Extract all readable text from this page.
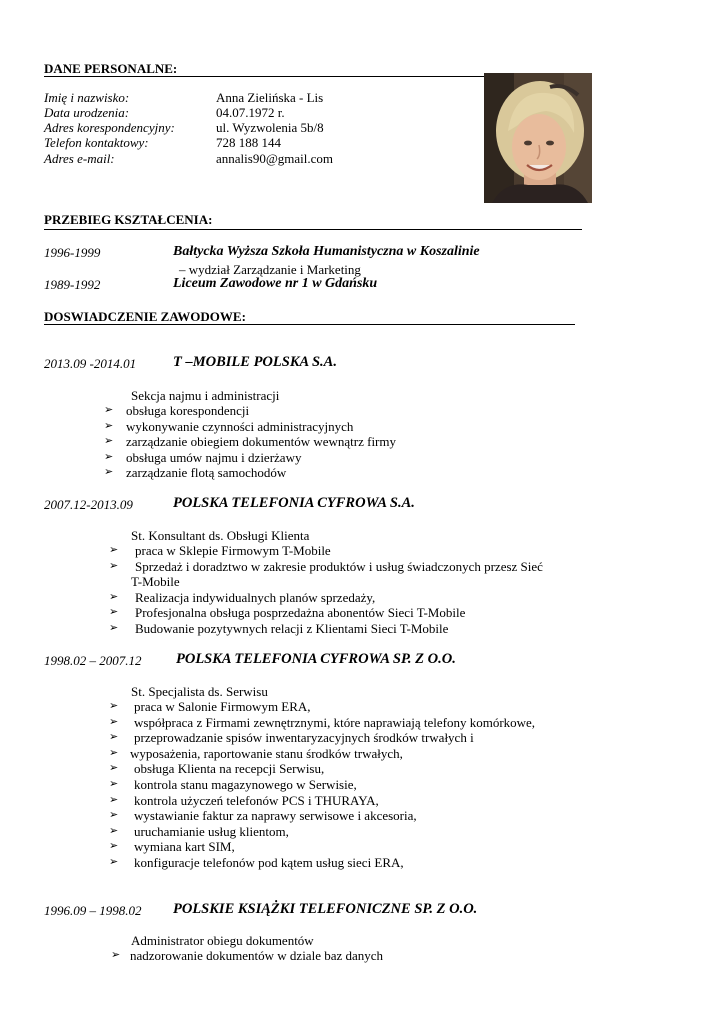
DANE PERSONALNE:
Imię i nazwisko:	Anna Zielińska - Lis
Data urodzenia:	04.07.1972 r.
Adres korespondencyjny:	ul. Wyzwolenia 5b/8
Telefon kontaktowy:	728 188 144
Adres e-mail:	annalis90@gmail.com
PRZEBIEG KSZTAŁCENIA:
1996-1999	Bałtycka Wyższa Szkoła Humanistyczna w Koszalinie
– wydział Zarządzanie i Marketing
1989-1992	Liceum Zawodowe nr 1 w Gdańsku
DOSWIADCZENIE ZAWODOWE:
2013.09 -2014.01	T –MOBILE POLSKA S.A.
Sekcja najmu i administracji
➢ obsługa korespondencji
➢ wykonywanie czynności administracyjnych
➢ zarządzanie obiegiem dokumentów wewnątrz firmy
➢ obsługa umów najmu i dzierżawy
➢ zarządzanie flotą samochodów
2007.12-2013.09	POLSKA TELEFONIA CYFROWA S.A.
St. Konsultant ds. Obsługi Klienta
➢ praca w Sklepie Firmowym T-Mobile
➢ Sprzedaż i doradztwo w zakresie produktów i usług świadczonych przesz Sieć
T-Mobile
➢ Realizacja indywidualnych planów sprzedaży,
➢ Profesjonalna obsługa posprzedażna abonentów Sieci T-Mobile
➢ Budowanie pozytywnych relacji z Klientami Sieci T-Mobile
1998.02 – 2007.12 POLSKA TELEFONIA CYFROWA SP. Z O.O.
St. Specjalista ds. Serwisu
➢ praca w Salonie Firmowym ERA,
➢ współpraca z Firmami zewnętrznymi, które naprawiają telefony komórkowe,
➢ przeprowadzanie spisów inwentaryzacyjnych środków trwałych i
➢ wyposażenia, raportowanie stanu środków trwałych,
➢ obsługa Klienta na recepcji Serwisu,
➢ kontrola stanu magazynowego w Serwisie,
➢ kontrola użyczeń telefonów PCS i THURAYA,
➢ wystawianie faktur za naprawy serwisowe i akcesoria,
➢ uruchamianie usług klientom,
➢ wymiana kart SIM,
➢ konfiguracje telefonów pod kątem usług sieci ERA,
1996.09 – 1998.02 POLSKIE KSIĄŻKI TELEFONICZNE SP. Z O.O.
Administrator obiegu dokumentów
➢ nadzorowanie dokumentów w dziale baz danych
